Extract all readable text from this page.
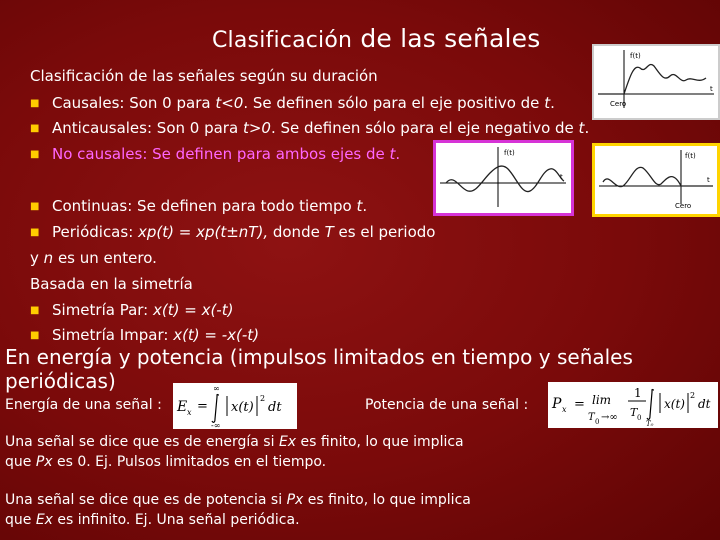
Clasificación de las señales
Clasificación de las señales según su duración
■ Causales: Son 0 para t<0. Se definen sólo para el eje positivo de t.
■ Anticausales: Son 0 para t>0. Se definen sólo para el eje negativo de t.
■ No causales: Se definen para ambos ejes de t.
f(t)
t
Cero
f(t)
t
f(t)
t
Cero
■ Continuas: Se definen para todo tiempo t.
■ Periódicas: xp(t) = xp(t±nT), donde T es el periodo
y n es un entero.
Basada en la simetría
■ Simetría Par: x(t) = x(-t)
■ Simetría Impar: x(t) = -x(-t)
En energía y potencia (impulsos limitados en tiempo y señales periódicas)
Energía de una señal : E x =
∞
-∞
x(t)
2
dt	Potencia de una señal : P x = lim
T 0 →∞
1
T 0
T₀
x(t)
2
dt
Una señal se dice que es de energía si Ex es finito, lo que implica
que Px es 0. Ej. Pulsos limitados en el tiempo.
Una señal se dice que es de potencia si Px es finito, lo que implica
que Ex es infinito. Ej. Una señal periódica.
